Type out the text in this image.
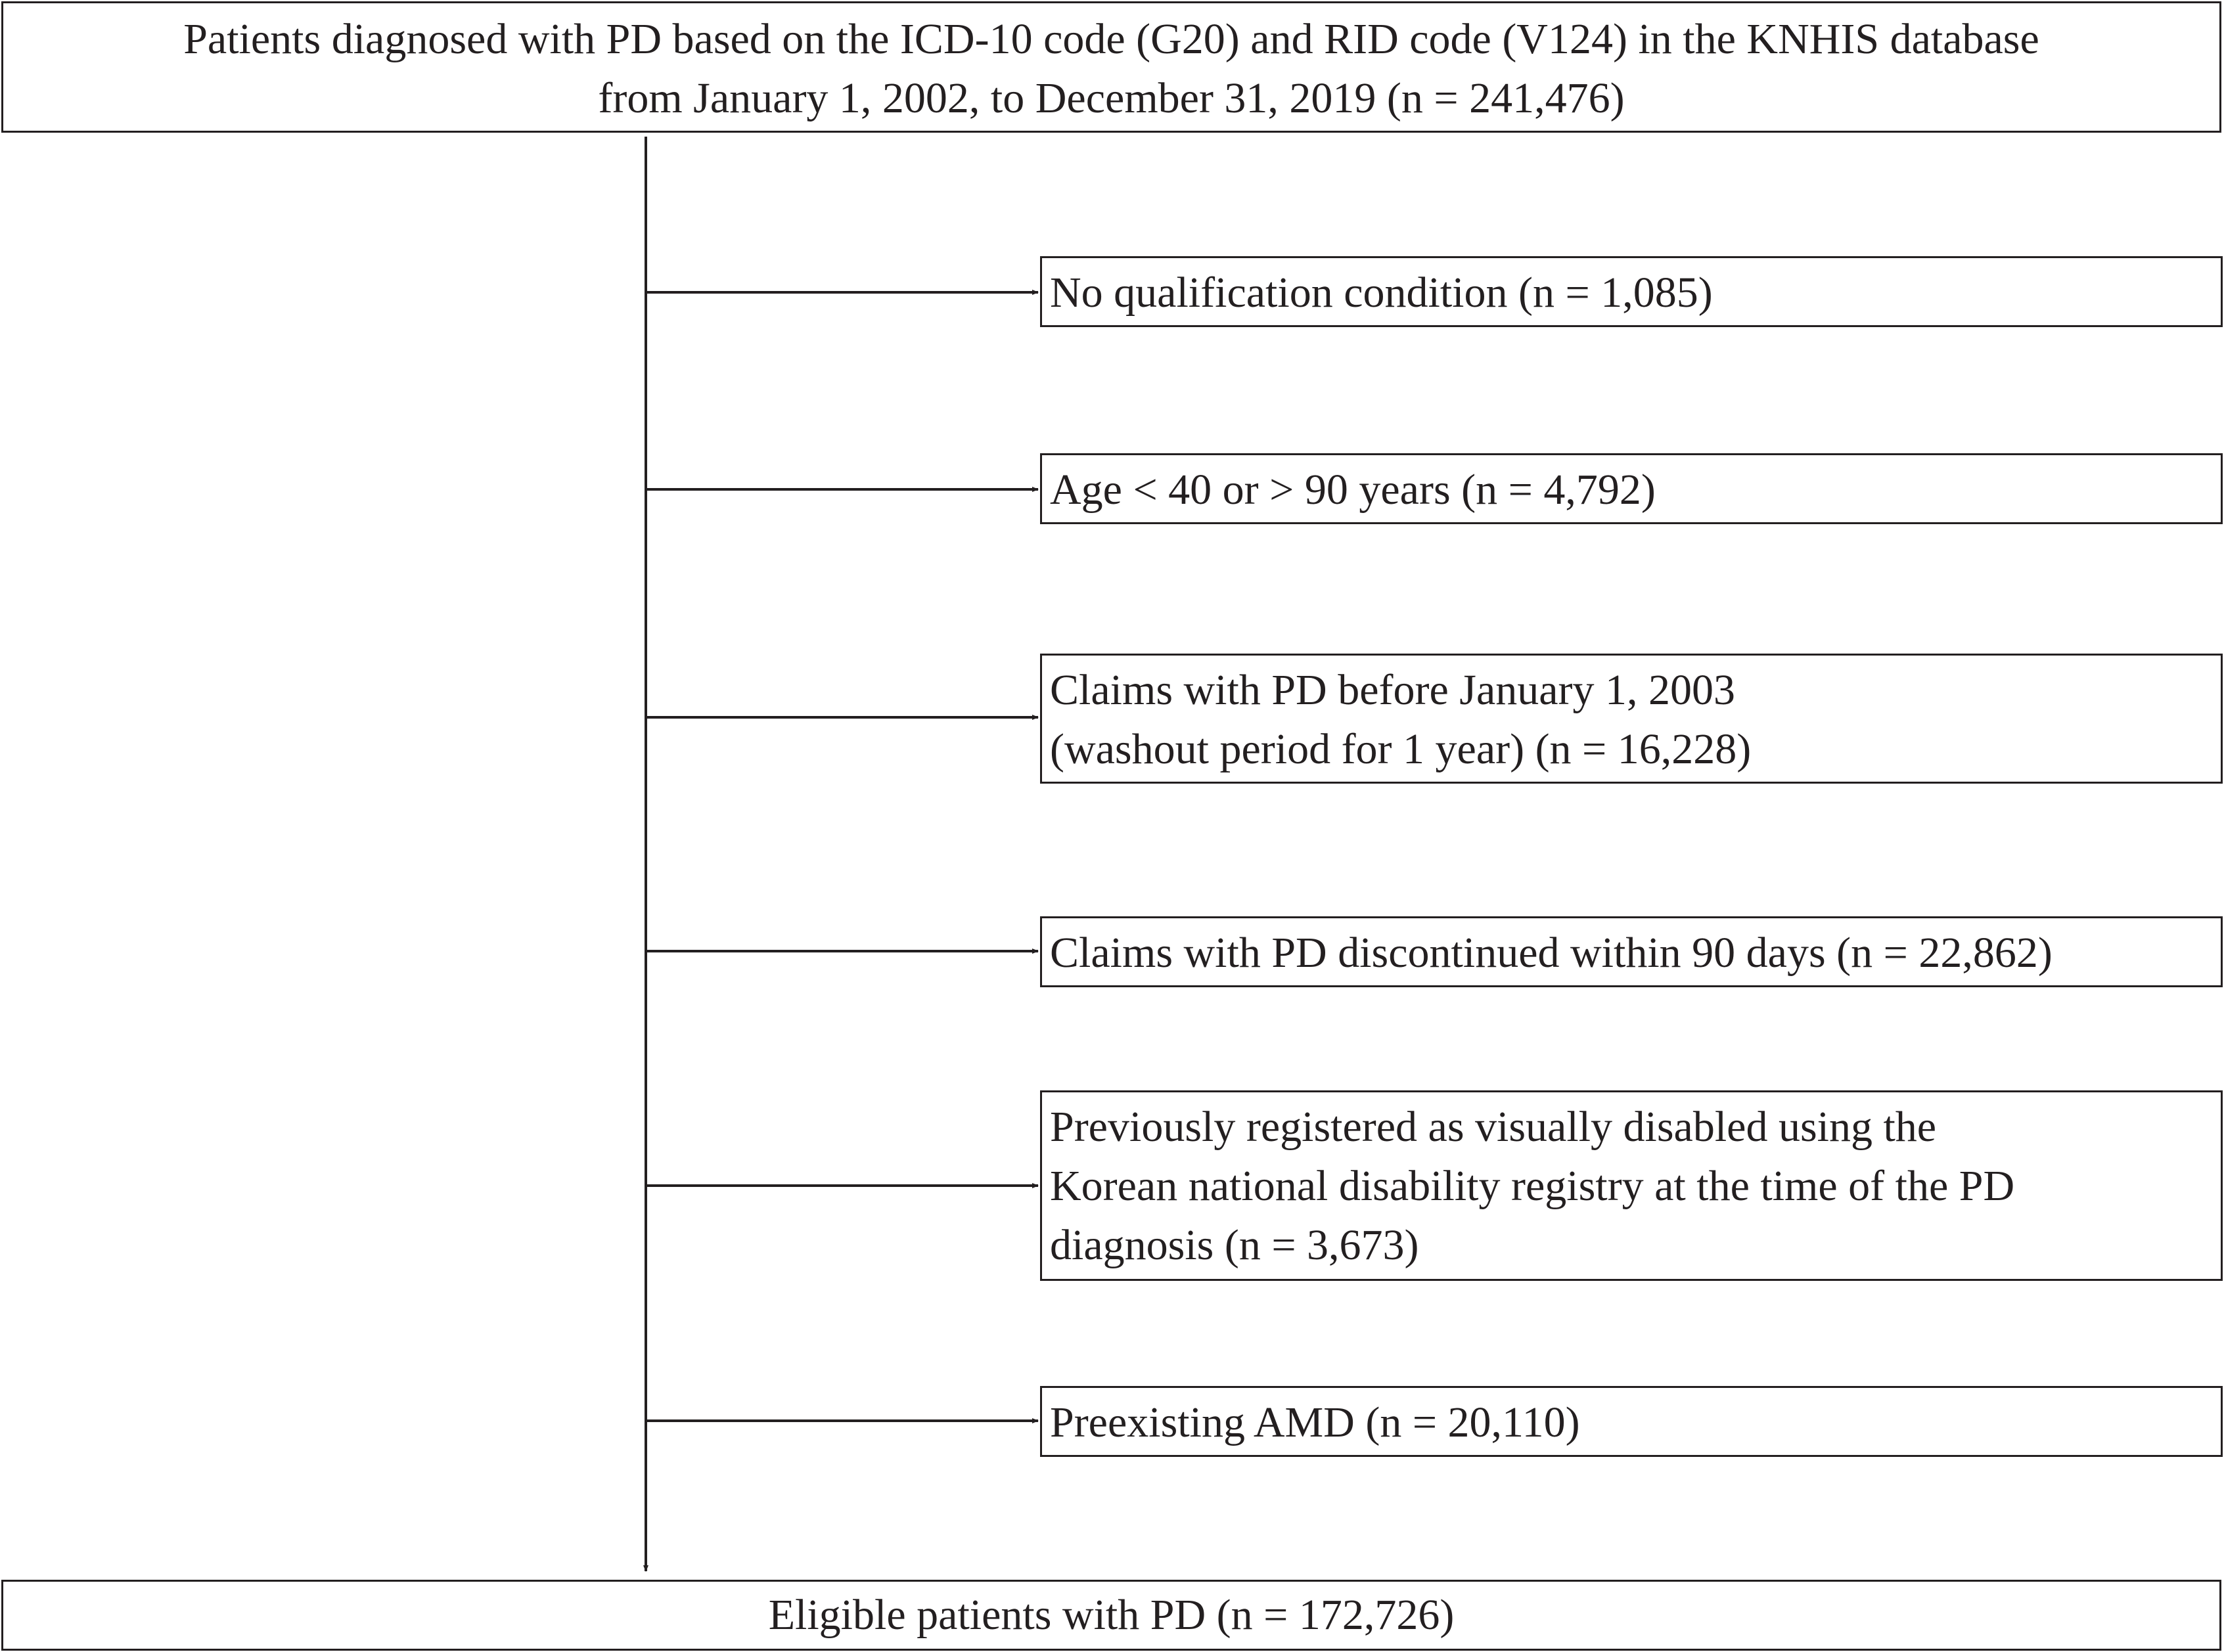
Patients diagnosed with PD based on the ICD-10 code (G20) and RID code (V124) in the KNHIS database
from January 1, 2002, to December 31, 2019 (n = 241,476)
No qualification condition (n = 1,085)
Age < 40 or > 90 years (n = 4,792)
Claims with PD before January 1, 2003
(washout period for 1 year) (n = 16,228)
Claims with PD discontinued within 90 days (n = 22,862)
Previously registered as visually disabled using the
Korean national disability registry at the time of the PD
diagnosis (n = 3,673)
Preexisting AMD (n = 20,110)
Eligible patients with PD (n = 172,726)
